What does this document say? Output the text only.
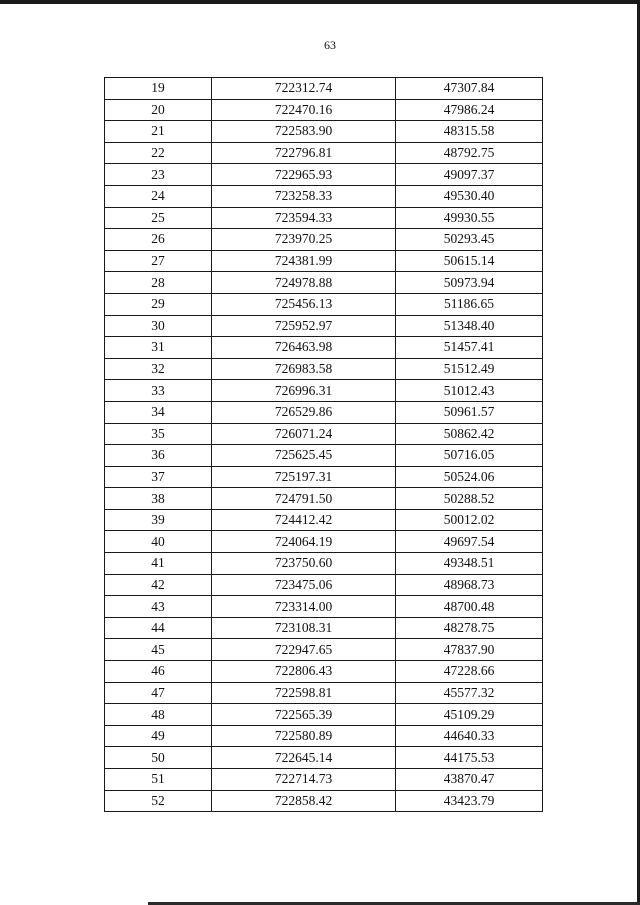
63
19	722312.74	47307.84
20	722470.16	47986.24
21	722583.90	48315.58
22	722796.81	48792.75
23	722965.93	49097.37
24	723258.33	49530.40
25	723594.33	49930.55
26	723970.25	50293.45
27	724381.99	50615.14
28	724978.88	50973.94
29	725456.13	51186.65
30	725952.97	51348.40
31	726463.98	51457.41
32	726983.58	51512.49
33	726996.31	51012.43
34	726529.86	50961.57
35	726071.24	50862.42
36	725625.45	50716.05
37	725197.31	50524.06
38	724791.50	50288.52
39	724412.42	50012.02
40	724064.19	49697.54
41	723750.60	49348.51
42	723475.06	48968.73
43	723314.00	48700.48
44	723108.31	48278.75
45	722947.65	47837.90
46	722806.43	47228.66
47	722598.81	45577.32
48	722565.39	45109.29
49	722580.89	44640.33
50	722645.14	44175.53
51	722714.73	43870.47
52	722858.42	43423.79
